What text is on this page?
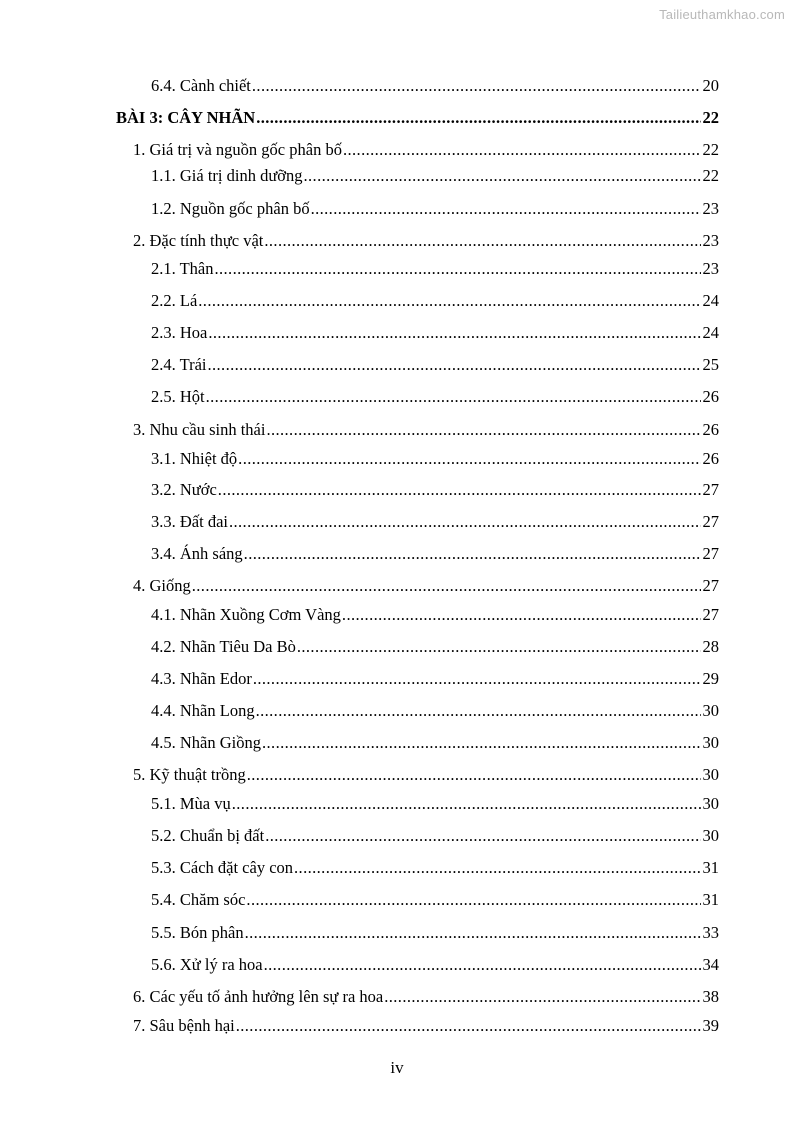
Tailieuthamkhao.com
6.4. Cành chiết .....	20
BÀI 3: CÂY NHÃN .....	22
1. Giá trị và nguồn gốc phân bố .....	22
1.1. Giá trị dinh dưỡng .....	22
1.2. Nguồn gốc phân bố .....	23
2. Đặc tính thực vật .....	23
2.1. Thân .....	23
2.2. Lá .....	24
2.3. Hoa .....	24
2.4. Trái .....	25
2.5. Hột .....	26
3. Nhu cầu sinh thái .....	26
3.1. Nhiệt độ .....	26
3.2. Nước .....	27
3.3. Đất đai .....	27
3.4. Ánh sáng .....	27
4. Giống .....	27
4.1. Nhãn Xuồng Cơm Vàng .....	27
4.2. Nhãn Tiêu Da Bò .....	28
4.3. Nhãn Edor .....	29
4.4. Nhãn Long .....	30
4.5. Nhãn Giồng .....	30
5. Kỹ thuật trồng .....	30
5.1. Mùa vụ .....	30
5.2. Chuẩn bị đất .....	30
5.3. Cách đặt cây con .....	31
5.4. Chăm sóc .....	31
5.5. Bón phân .....	33
5.6. Xử lý ra hoa .....	34
6. Các yếu tố ảnh hưởng lên sự ra hoa .....	38
7. Sâu bệnh hại .....	39
iv
